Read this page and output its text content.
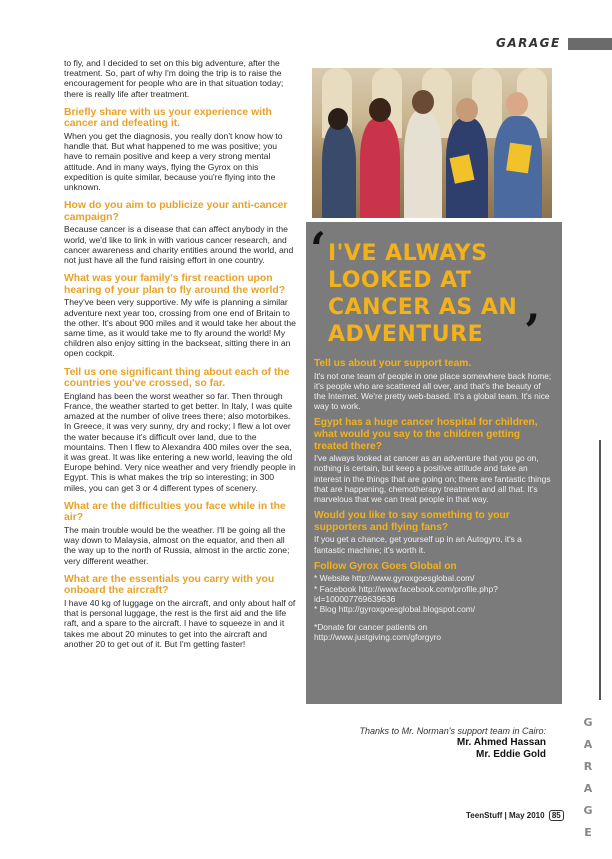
GARAGE

to fly, and I decided to set on this big adventure, after the treatment. So, part of why I'm doing the trip is to raise the encouragement for people who are in that situation today; there is really life after treatment.

Briefly share with us your experience with cancer and defeating it.

When you get the diagnosis, you really don't know how to handle that. But what happened to me was positive; you have to remain positive and keep a very strong mental attitude. And in many ways, flying the Gyrox on this expedition is quite similar, because you're flying into the unknown.

How do you aim to publicize your anti-cancer campaign?

Because cancer is a disease that can affect anybody in the world, we'd like to link in with various cancer research, and cancer awareness and charity entities around the world, and not just have all the fund raising effort in one country.

What was your family's first reaction upon hearing of your plan to fly around the world?

They've been very supportive. My wife is planning a similar adventure next year too, crossing from one end of Britain to the other. It's about 900 miles and it would take her about the same time, as it would take me to fly around the world! My children also enjoy sitting in the backseat, sitting there in an open cockpit.

Tell us one significant thing about each of the countries you've crossed, so far.

England has been the worst weather so far. Then through France, the weather started to get better. In Italy, I was quite amazed at the number of olive trees there; also motorbikes. In Greece, it was very sunny, dry and rocky; I flew a lot over the water because it's difficult over land, due to the mountains. Then I flew to Alexandra 400 miles over the sea, it was great. It was like entering a new world, leaving the old Europe behind. Very nice weather and very friendly people in Egypt. This is what makes the trip so interesting; in 300 miles, you can get 3 or 4 different types of scenery.

What are the difficulties you face while in the air?

The main trouble would be the weather. I'll be going all the way down to Malaysia, almost on the equator, and then all the way up to the north of Russia, almost in the arctic zone; very different weather.

What are the essentials you carry with you onboard the aircraft?

I have 40 kg of luggage on the aircraft, and only about half of that is personal luggage, the rest is the first aid and the life raft, and a spare to the aircraft. I have to squeeze in and it takes me about 20 minutes to get into the aircraft and another 20 to get out of it. But I'm getting faster!

‘ I'VE ALWAYS LOOKED AT CANCER AS AN ADVENTURE ’
Tell us about your support team.

It's not one team of people in one place somewhere back home; it's people who are scattered all over, and that's the beauty of the Internet. We're pretty web-based. It's a global team. It's nice way to work.

Egypt has a huge cancer hospital for children, what would you say to the children getting treated there?

I've always looked at cancer as an adventure that you go on, nothing is certain, but keep a positive attitude and take an interest in the things that are going on; there are fantastic things that are happening, chemotherapy treatment and all that. It's marvelous that we can treat people in that way.

Would you like to say something to your supporters and flying fans?

If you get a chance, get yourself up in an Autogyro, it's a fantastic machine; it's worth it.

Follow Gyrox Goes Global on
* Website http://www.gyroxgoesglobal.com/
* Facebook http://www.facebook.com/profile.php?id=100007769639636
* Blog http://gyroxgoesglobal.blogspot.com/
*Donate for cancer patients on http://www.justgiving.com/gforgyro
Thanks to Mr. Norman's support team in Cairo:
Mr. Ahmed Hassan
Mr. Eddie Gold
G
A
R
A
G
E
TeenStuff | May 2010 85
